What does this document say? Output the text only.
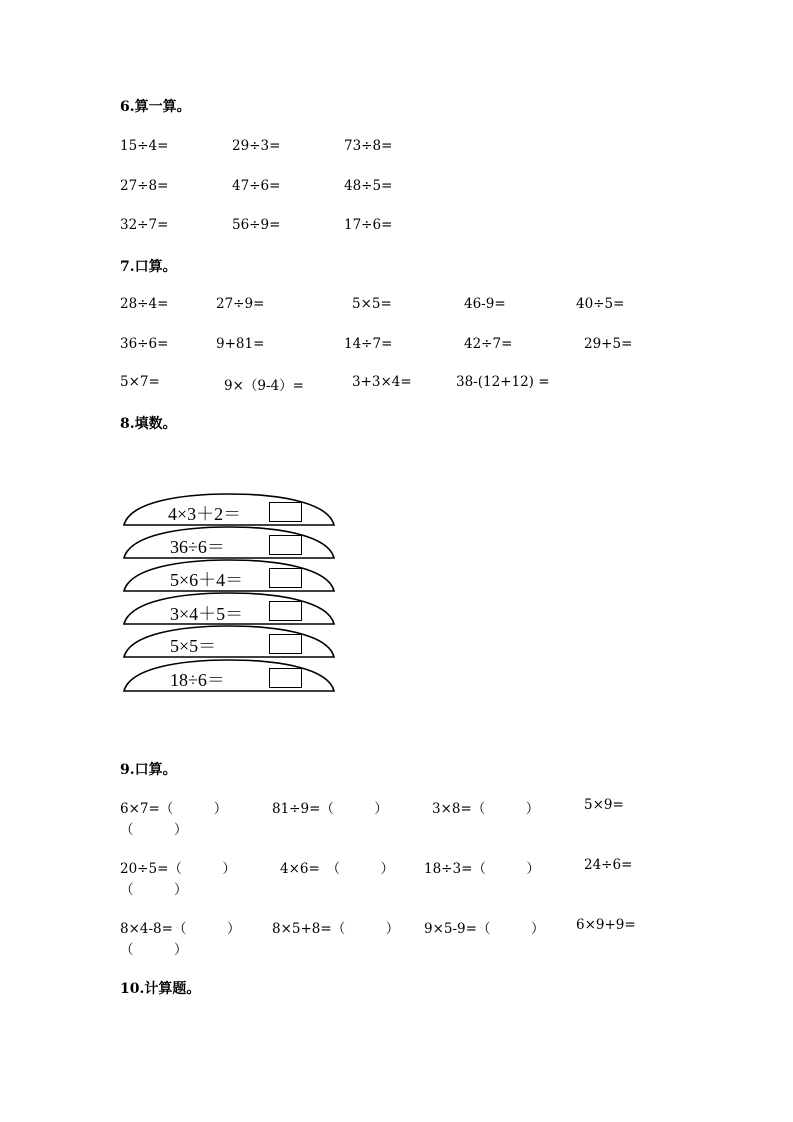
6.算一算。
15÷4=	29÷3=	73÷8=
27÷8=	47÷6=	48÷5=
32÷7=	56÷9=	17÷6=
7.口算。
28÷4=	27÷9=	5×5=	46-9=	40÷5=
36÷6=	9+81=	14÷7=	42÷7=	29+5=
5×7=	9×（9-4）=	3+3×4=	38-(12+12) =
8.填数。
4×3＋2＝
36÷6＝
5×6＋4＝
3×4＋5＝
5×5＝
18÷6＝
9.口算。
6×7=（　　　）	81÷9=（　　　）	3×8=（　　　）	5×9=
（　　　）
20÷5=（　　　）	4×6=　（　　　） 18÷3=（　　　）	24÷6=
（　　　）
8×4-8=（　　　） 8×5+8=（　　　） 9×5-9=（　　　） 6×9+9=
（　　　）
10.计算题。
